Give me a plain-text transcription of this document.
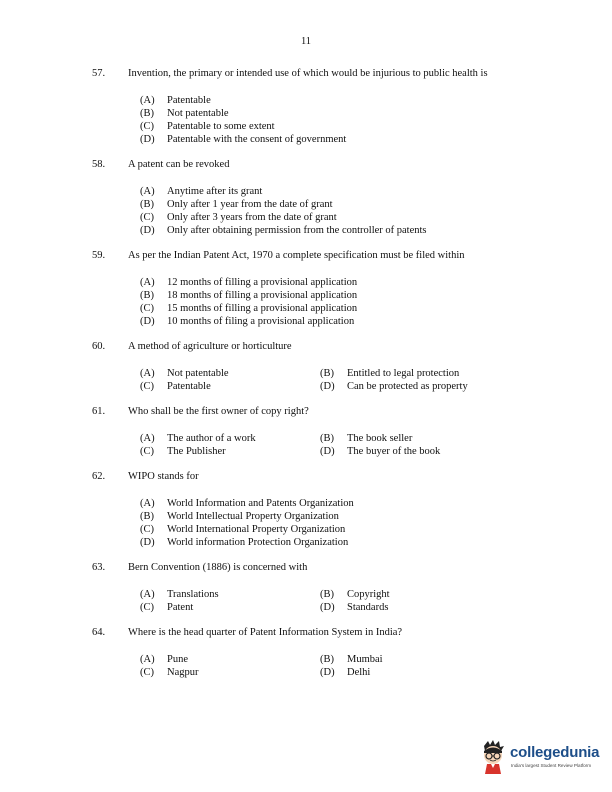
11
57. Invention, the primary or intended use of which would be injurious to public health is
(A) Patentable
(B) Not patentable
(C) Patentable to some extent
(D) Patentable with the consent of government
58. A patent can be revoked
(A) Anytime after its grant
(B) Only after 1 year from the date of grant
(C) Only after 3 years from the date of grant
(D) Only after obtaining permission from the controller of patents
59. As per the Indian Patent Act, 1970 a complete specification must be filed within
(A) 12 months of filling a provisional application
(B) 18 months of filling a provisional application
(C) 15 months of filling a provisional application
(D) 10 months of filing a provisional application
60. A method of agriculture or horticulture
(A) Not patentable	(B) Entitled to legal protection
(C) Patentable	(D) Can be protected as property
61. Who shall be the first owner of copy right?
(A) The author of a work	(B) The book seller
(C) The Publisher	(D) The buyer of the book
62. WIPO stands for
(A) World Information and Patents Organization
(B) World Intellectual Property Organization
(C) World International Property Organization
(D) World information Protection Organization
63. Bern Convention (1886) is concerned with
(A) Translations	(B) Copyright
(C) Patent	(D) Standards
64. Where is the head quarter of Patent Information System in India?
(A) Pune	(B) Mumbai
(C) Nagpur	(D) Delhi
collegedunia
India's largest Student Review Platform
